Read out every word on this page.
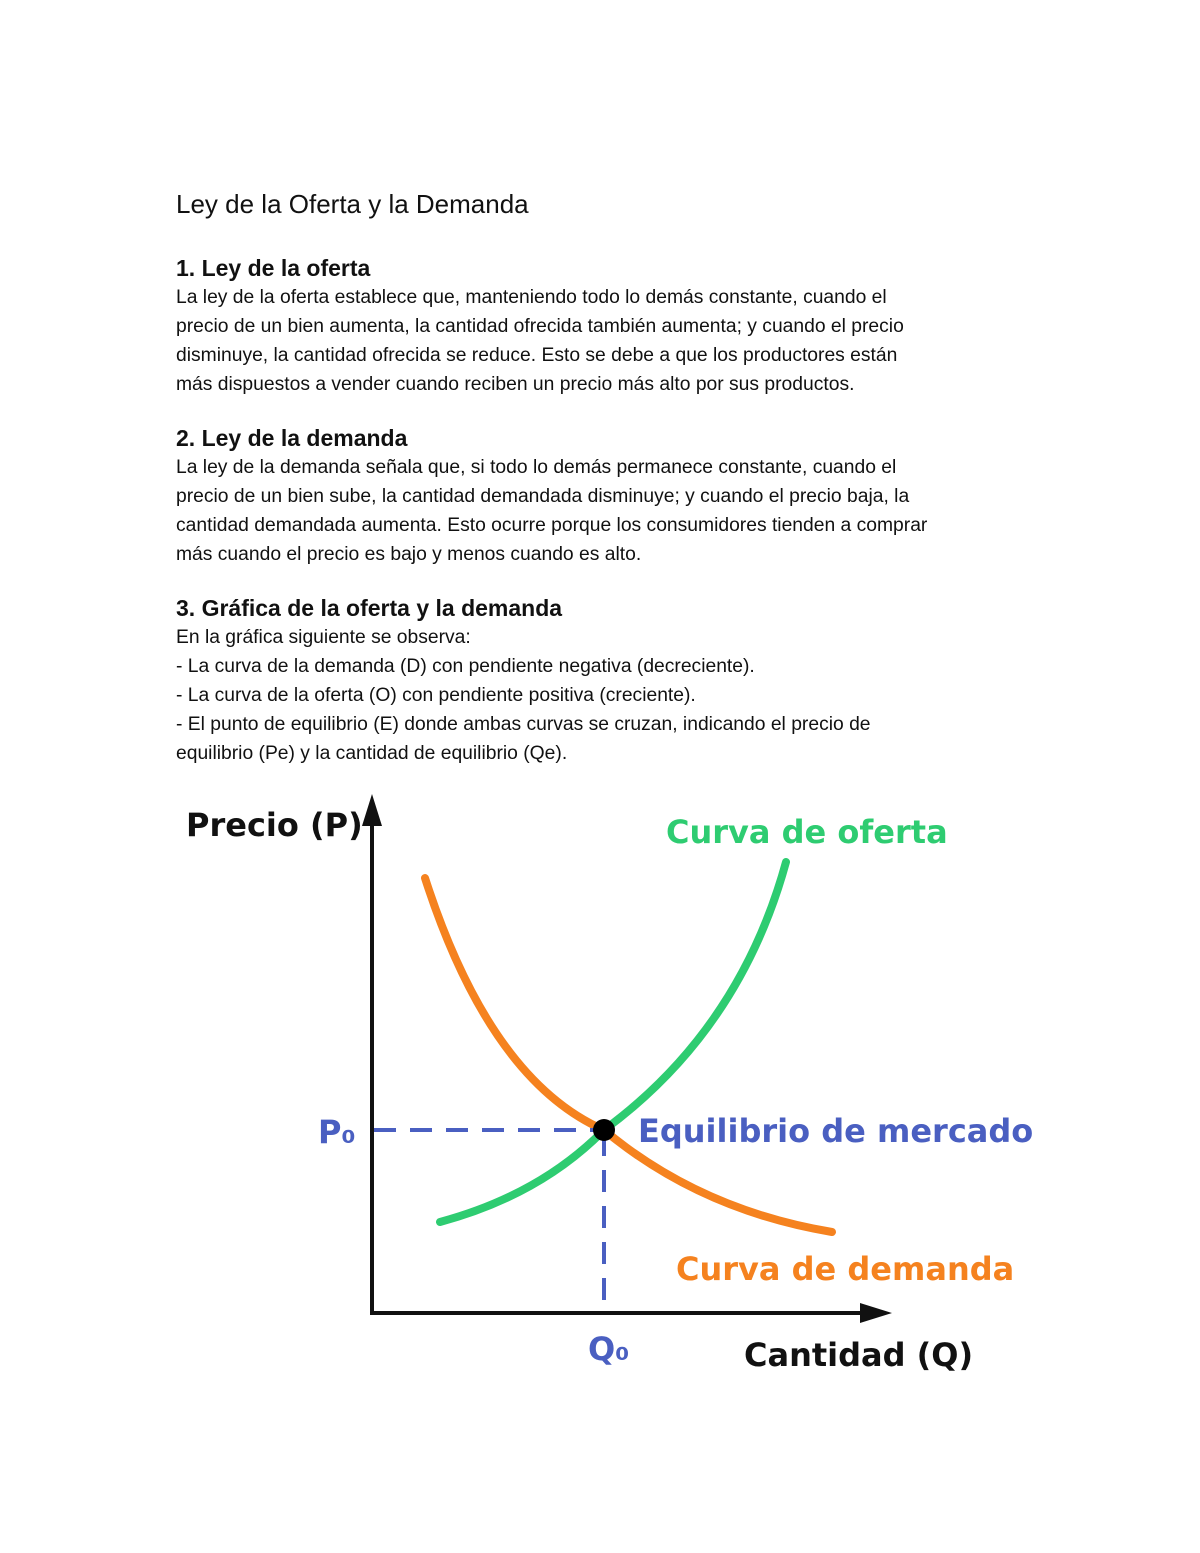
Ley de la Oferta y la Demanda
1. Ley de la oferta
La ley de la oferta establece que, manteniendo todo lo demás constante, cuando el
precio de un bien aumenta, la cantidad ofrecida también aumenta; y cuando el precio
disminuye, la cantidad ofrecida se reduce. Esto se debe a que los productores están
más dispuestos a vender cuando reciben un precio más alto por sus productos.
2. Ley de la demanda
La ley de la demanda señala que, si todo lo demás permanece constante, cuando el
precio de un bien sube, la cantidad demandada disminuye; y cuando el precio baja, la
cantidad demandada aumenta. Esto ocurre porque los consumidores tienden a comprar
más cuando el precio es bajo y menos cuando es alto.
3. Gráfica de la oferta y la demanda
En la gráfica siguiente se observa:
- La curva de la demanda (D) con pendiente negativa (decreciente).
- La curva de la oferta (O) con pendiente positiva (creciente).
- El punto de equilibrio (E) donde ambas curvas se cruzan, indicando el precio de
equilibrio (Pe) y la cantidad de equilibrio (Qe).
Precio (P)
Cantidad (Q)
Curva de oferta
Curva de demanda
Equilibrio de mercado
P₀
Q₀
